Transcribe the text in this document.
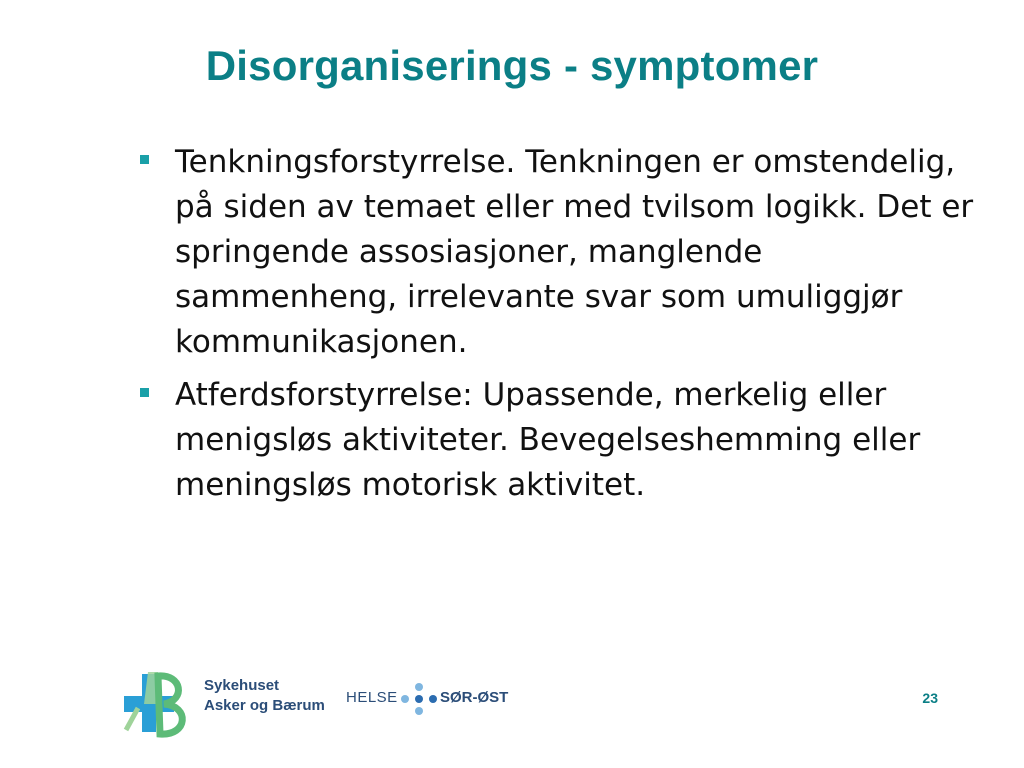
Disorganiserings - symptomer
Tenkningsforstyrrelse. Tenkningen er omstendelig, på siden av temaet eller med tvilsom logikk. Det er springende assosiasjoner, manglende sammenheng, irrelevante svar som umuliggjør kommunikasjonen.
Atferdsforstyrrelse: Upassende, merkelig eller menigsløs aktiviteter. Bevegelseshemming eller meningsløs motorisk aktivitet.
Sykehuset
Asker og Bærum HELSE	SØR-ØST	23
